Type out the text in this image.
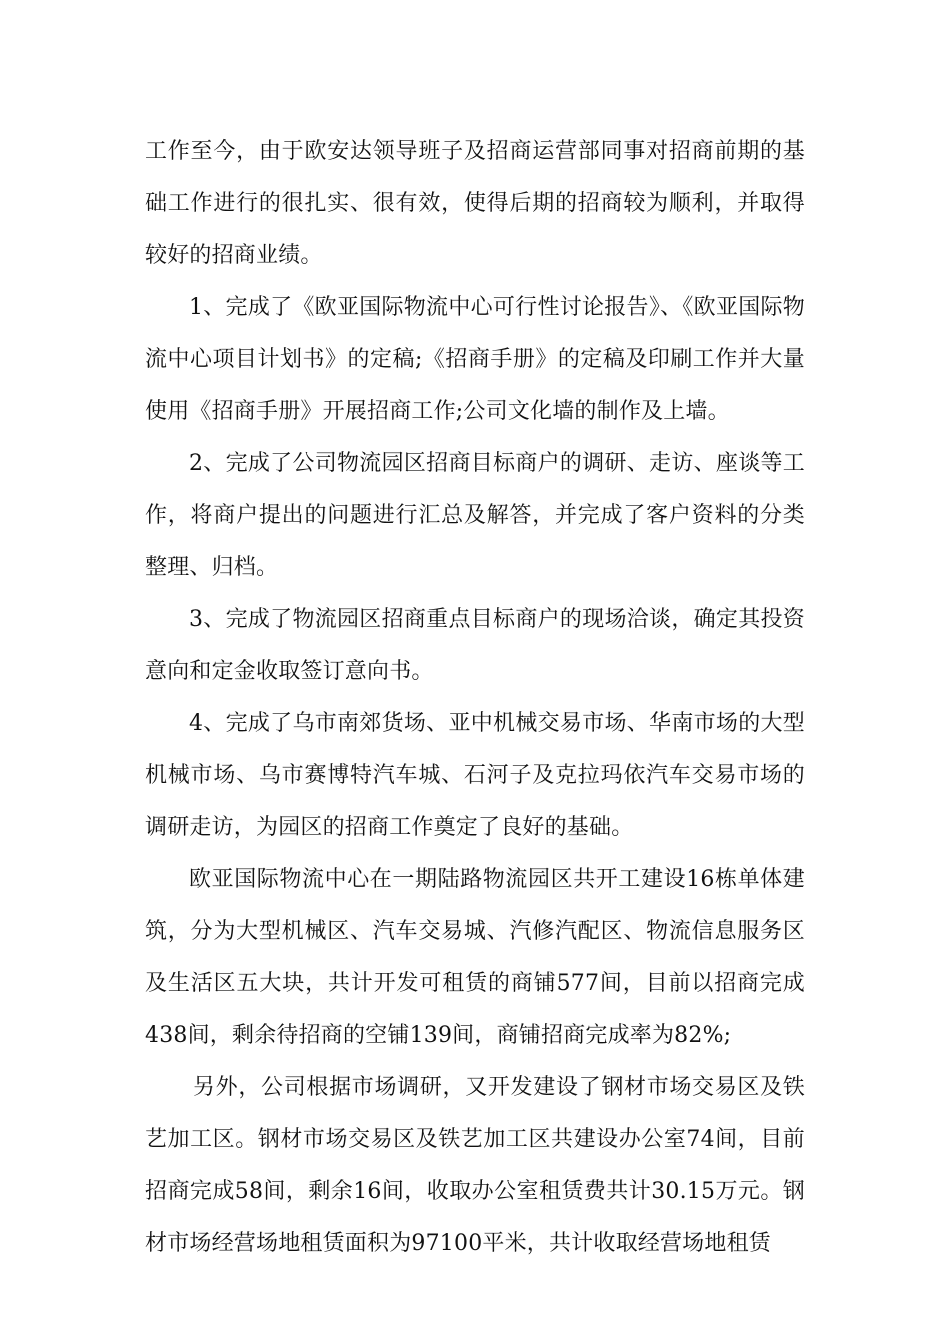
工作至今，由于欧安达领导班子及招商运营部同事对招商前期的基础工作进行的很扎实、很有效，使得后期的招商较为顺利，并取得较好的招商业绩。

1、完成了《欧亚国际物流中心可行性讨论报告》、《欧亚国际物流中心项目计划书》的定稿;《招商手册》的定稿及印刷工作并大量使用《招商手册》开展招商工作;公司文化墙的制作及上墙。

2、完成了公司物流园区招商目标商户的调研、走访、座谈等工作，将商户提出的问题进行汇总及解答，并完成了客户资料的分类整理、归档。

3、完成了物流园区招商重点目标商户的现场洽谈，确定其投资意向和定金收取签订意向书。

4、完成了乌市南郊货场、亚中机械交易市场、华南市场的大型机械市场、乌市赛博特汽车城、石河子及克拉玛依汽车交易市场的调研走访，为园区的招商工作奠定了良好的基础。

欧亚国际物流中心在一期陆路物流园区共开工建设16栋单体建筑，分为大型机械区、汽车交易城、汽修汽配区、物流信息服务区及生活区五大块，共计开发可租赁的商铺577间，目前以招商完成438间，剩余待招商的空铺139间，商铺招商完成率为82%;

另外，公司根据市场调研，又开发建设了钢材市场交易区及铁艺加工区。钢材市场交易区及铁艺加工区共建设办公室74间，目前招商完成58间，剩余16间，收取办公室租赁费共计30.15万元。钢材市场经营场地租赁面积为97100平米，共计收取经营场地租赁
